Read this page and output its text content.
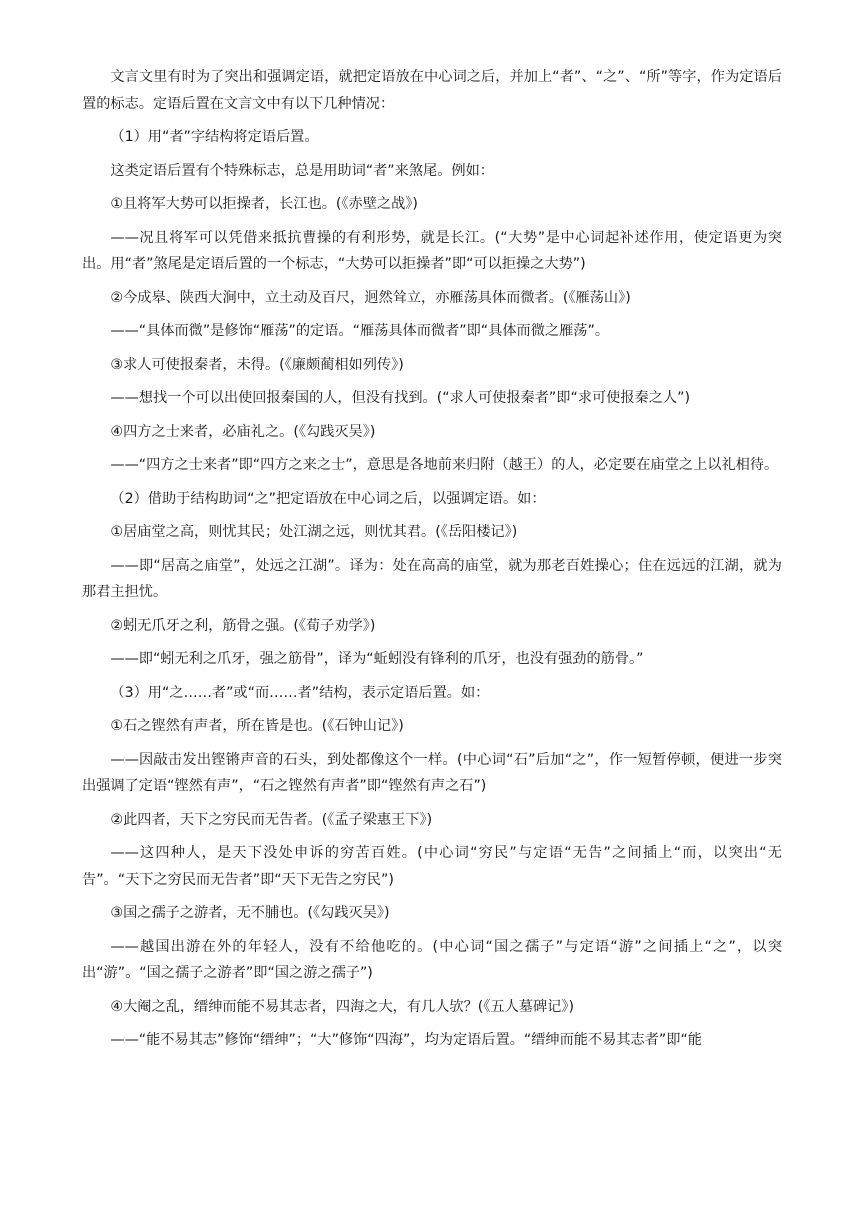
文言文里有时为了突出和强调定语，就把定语放在中心词之后，并加上“者”、“之”、“所”等字，作为定语后置的标志。定语后置在文言文中有以下几种情况：

（1）用“者”字结构将定语后置。

这类定语后置有个特殊标志，总是用助词“者”来煞尾。例如：

①且将军大势可以拒操者，长江也。(《赤壁之战》)

——况且将军可以凭借来抵抗曹操的有利形势，就是长江。(“大势”是中心词起补述作用，使定语更为突出。用“者”煞尾是定语后置的一个标志，“大势可以拒操者”即“可以拒操之大势”)

②今成皋、陕西大涧中，立土动及百尺，迥然耸立，亦雁荡具体而微者。(《雁荡山》)

——“具体而微”是修饰“雁荡”的定语。“雁荡具体而微者”即“具体而微之雁荡”。

③求人可使报秦者，未得。(《廉颇蔺相如列传》)

——想找一个可以出使回报秦国的人，但没有找到。(“求人可使报秦者”即“求可使报秦之人”)

④四方之士来者，必庙礼之。(《勾践灭吴》)

——“四方之士来者”即“四方之来之士”，意思是各地前来归附（越王）的人，必定要在庙堂之上以礼相待。

（2）借助于结构助词“之”把定语放在中心词之后，以强调定语。如：

①居庙堂之高，则忧其民；处江湖之远，则忧其君。(《岳阳楼记》)

——即“居高之庙堂”，处远之江湖”。译为：处在高高的庙堂，就为那老百姓操心；住在远远的江湖，就为那君主担忧。

②蚓无爪牙之利，筋骨之强。(《荀子劝学》)

——即“蚓无利之爪牙，强之筋骨”，译为“蚯蚓没有锋利的爪牙，也没有强劲的筋骨。”

（3）用“之……者”或“而……者”结构，表示定语后置。如：

①石之铿然有声者，所在皆是也。(《石钟山记》)

——因敲击发出铿锵声音的石头，到处都像这个一样。(中心词“石”后加“之”，作一短暂停顿，便进一步突出强调了定语“铿然有声”，“石之铿然有声者”即“铿然有声之石”)

②此四者，天下之穷民而无告者。(《孟子梁惠王下》)

——这四种人，是天下没处申诉的穷苦百姓。(中心词“穷民”与定语“无告”之间插上“而，以突出“无告”。“天下之穷民而无告者”即“天下无告之穷民”)

③国之孺子之游者，无不脯也。(《勾践灭吴》)

——越国出游在外的年轻人，没有不给他吃的。(中心词“国之孺子”与定语“游”之间插上“之”，以突出“游”。“国之孺子之游者”即“国之游之孺子”)

④大阉之乱，缙绅而能不易其志者，四海之大，有几人欤？(《五人墓碑记》)

——“能不易其志”修饰“缙绅”；“大”修饰“四海”，均为定语后置。“缙绅而能不易其志者”即“能
